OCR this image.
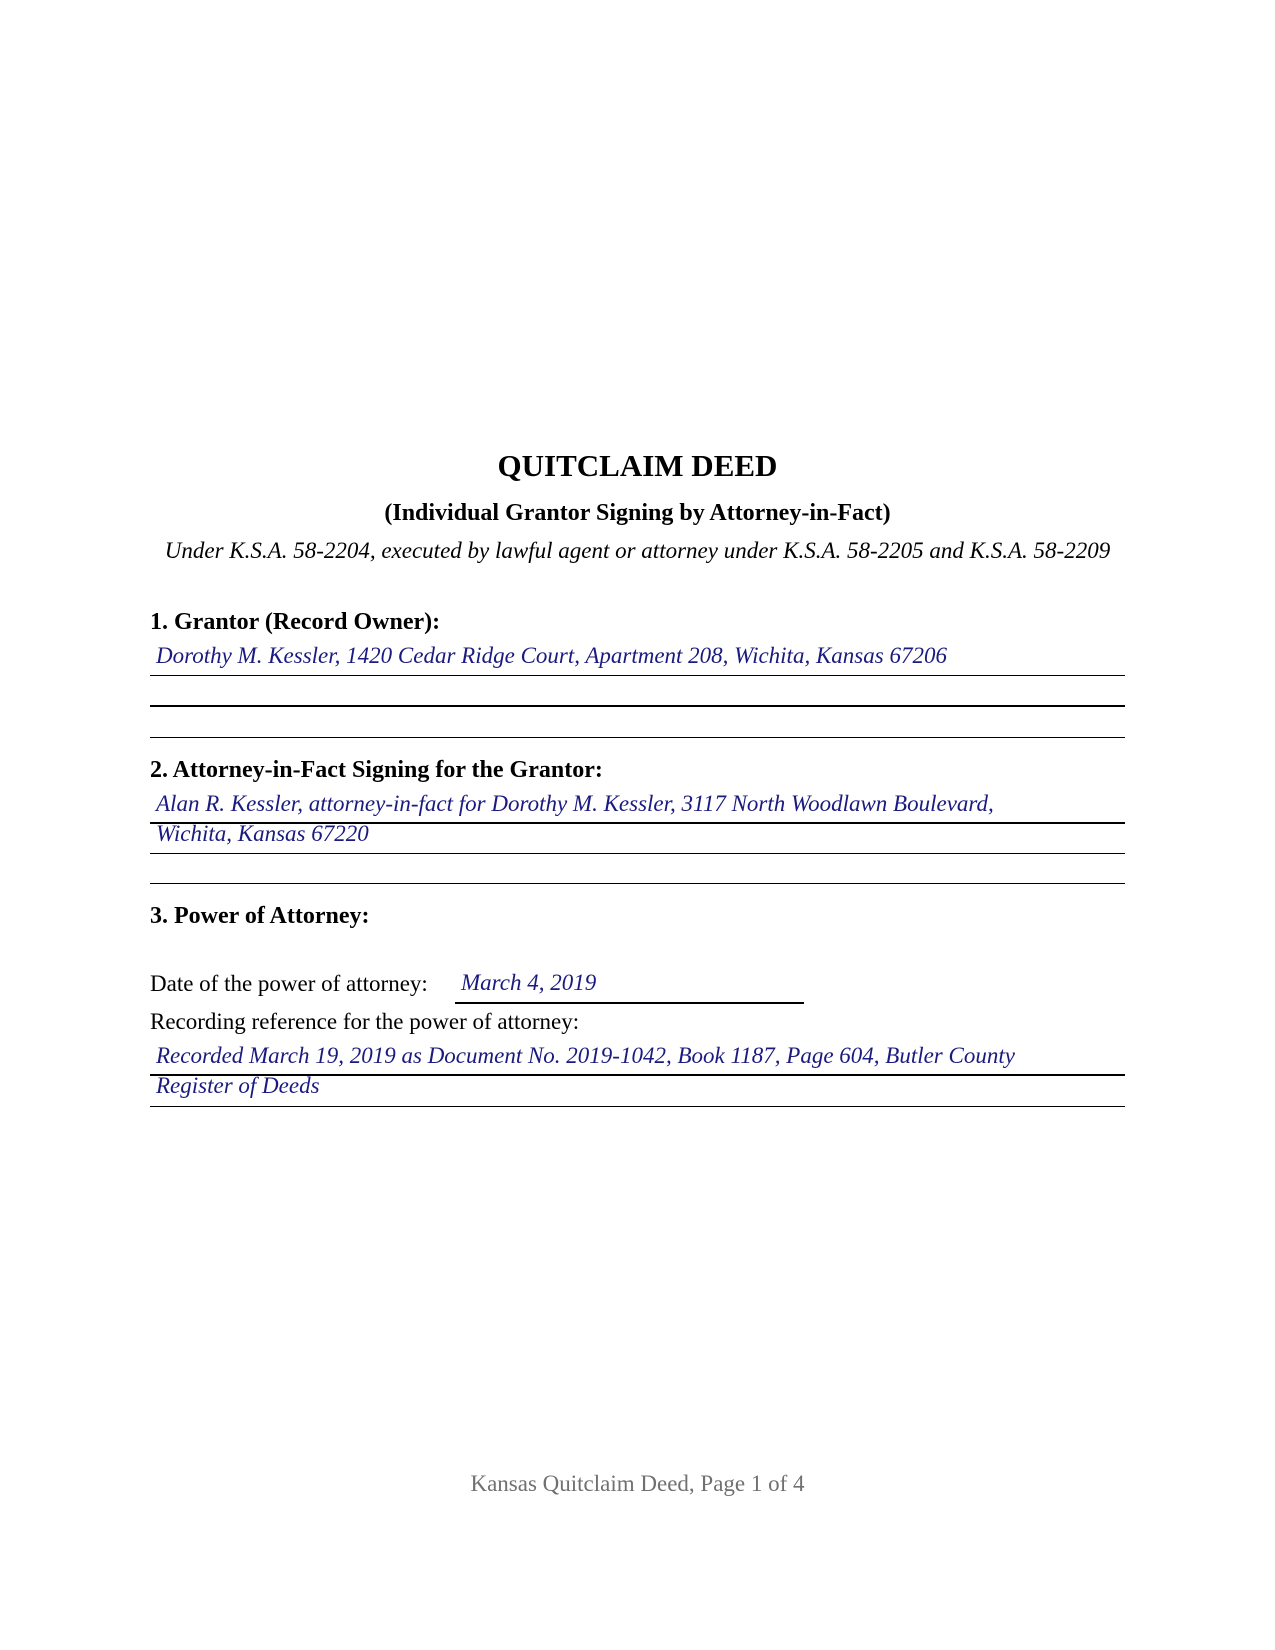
QUITCLAIM DEED
(Individual Grantor Signing by Attorney-in-Fact)
Under K.S.A. 58-2204, executed by lawful agent or attorney under K.S.A. 58-2205 and K.S.A. 58-2209
1. Grantor (Record Owner):
Dorothy M. Kessler, 1420 Cedar Ridge Court, Apartment 208, Wichita, Kansas 67206
2. Attorney-in-Fact Signing for the Grantor:
Alan R. Kessler, attorney-in-fact for Dorothy M. Kessler, 3117 North Woodlawn Boulevard,
Wichita, Kansas 67220
3. Power of Attorney:
Date of the power of attorney: March 4, 2019
Recording reference for the power of attorney:
Recorded March 19, 2019 as Document No. 2019-1042, Book 1187, Page 604, Butler County
Register of Deeds
Kansas Quitclaim Deed, Page 1 of 4
